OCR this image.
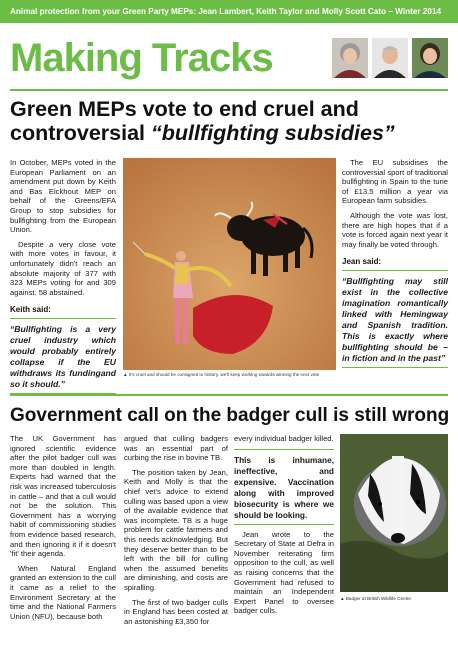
Animal protection from your Green Party MEPs: Jean Lambert, Keith Taylor and Molly Scott Cato – Winter 2014
Making Tracks
Green MEPs vote to end cruel and
controversial “bullfighting subsidies”

In October, MEPs voted in the European Parliament on an amendment put down by Keith and Bas Eickhout MEP on behalf of the Greens/EFA Group to stop subsidies for bullfighting from the European Union.

Despite a very close vote with more votes in favour, it unfortunately didn't reach an absolute majority of 377 with 323 MEPs voting for and 309 against. 58 abstained.

Keith said:
“Bullfighting is a very cruel industry which would probably entirely collapse if the EU withdraws its fundingand so it should.”
▲ It's cruel and should be consigned to history, we'll keep working towards winning the next vote

The EU subsidises the controversial sport of traditional bullfighting in Spain to the tune of £13.5 million a year via European farm subsidies.

Although the vote was lost, there are high hopes that if a vote is forced again next year it may finally be voted through.

Jean said:
“Bullfighting may still exist in the collective imagination romantically linked with Hemingway and Spanish tradition. This is exactly where bullfighting should be – in fiction and in the past”
Government call on the badger cull is still wrong

The UK Government has ignored scientific evidence after the pilot badger cull was more than doubled in length. Experts had warned that the risk was increased tuberculosis in cattle – and that a cull would not be the solution. This Government has a worrying habit of commissioning studies from evidence based research, and then ignoring it if it doesn't 'fit' their agenda.

When Natural England granted an extension to the cull it came as a relief to the Environment Secretary at the time and the National Farmers Union (NFU), because both

argued that culling badgers was an essential part of curbing the rise in bovine TB.

The position taken by Jean, Keith and Molly is that the chief vet's advice to extend culling was based upon a view of the available evidence that was incomplete. TB is a huge problem for cattle farmers and this needs acknowledging. But they deserve better than to be left with the bill for culling when the assumed benefits are diminishing, and costs are spiralling.

The first of two badger culls in England has been costed at an astonishing £3,350 for

every individual badger killed.

This is inhumane, ineffective, and expensive. Vaccination along with improved biosecurity is where we should be looking.

Jean wrote to the Secretary of State at Defra in November reiterating firm opposition to the cull, as well as raising concerns that the Government had refused to maintain an Independent Expert Panel to oversee badger culls.

▲ Badger at British Wildlife Centre
